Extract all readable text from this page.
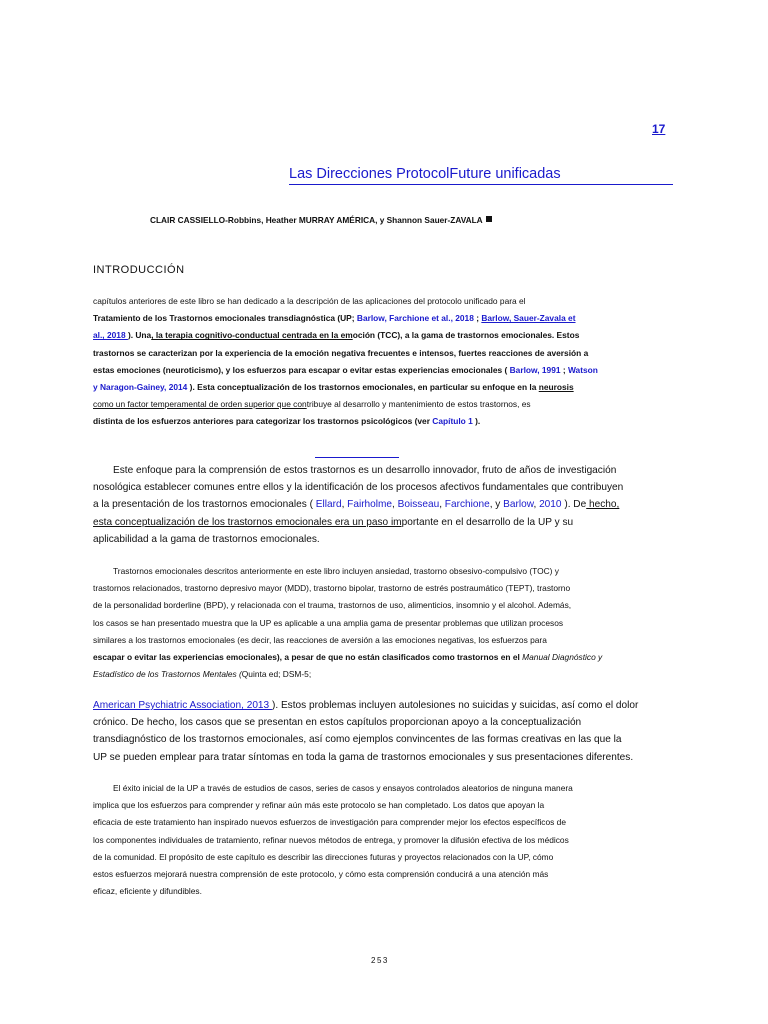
17
Las Direcciones ProtocolFuture unificadas
CLAIR CASSIELLO-Robbins, Heather MURRAY AMÉRICA, y Shannon Sauer-ZAVALA
INTRODUCCIÓN
capítulos anteriores de este libro se han dedicado a la descripción de las aplicaciones del protocolo unificado para el
Tratamiento de los Trastornos emocionales transdiagnóstica (UP; Barlow, Farchione et al., 2018 ; Barlow, Sauer-Zavala et
al., 2018 ). Una, la terapia cognitivo-conductual centrada en la emoción (TCC), a la gama de trastornos emocionales. Estos
trastornos se caracterizan por la experiencia de la emoción negativa frecuentes e intensos, fuertes reacciones de aversión a
estas emociones (neuroticismo), y los esfuerzos para escapar o evitar estas experiencias emocionales ( Barlow, 1991 ; Watson
y Naragon-Gainey, 2014 ). Esta conceptualización de los trastornos emocionales, en particular su enfoque en la neurosis
como un factor temperamental de orden superior que contribuye al desarrollo y mantenimiento de estos trastornos, es
distinta de los esfuerzos anteriores para categorizar los trastornos psicológicos (ver Capítulo 1 ).
Este enfoque para la comprensión de estos trastornos es un desarrollo innovador, fruto de años de investigación
nosológica establecer comunes entre ellos y la identificación de los procesos afectivos fundamentales que contribuyen
a la presentación de los trastornos emocionales ( Ellard, Fairholme, Boisseau, Farchione, y Barlow, 2010 ). De hecho,
esta conceptualización de los trastornos emocionales era un paso importante en el desarrollo de la UP y su
aplicabilidad a la gama de trastornos emocionales.
Trastornos emocionales descritos anteriormente en este libro incluyen ansiedad, trastorno obsesivo-compulsivo (TOC) y
trastornos relacionados, trastorno depresivo mayor (MDD), trastorno bipolar, trastorno de estrés postraumático (TEPT), trastorno
de la personalidad borderline (BPD), y relacionada con el trauma, trastornos de uso, alimenticios, insomnio y el alcohol. Además,
los casos se han presentado muestra que la UP es aplicable a una amplia gama de presentar problemas que utilizan procesos
similares a los trastornos emocionales (es decir, las reacciones de aversión a las emociones negativas, los esfuerzos para
escapar o evitar las experiencias emocionales), a pesar de que no están clasificados como trastornos en el Manual Diagnóstico y
Estadístico de los Trastornos Mentales (Quinta ed; DSM-5;
American Psychiatric Association, 2013 ). Estos problemas incluyen autolesiones no suicidas y suicidas, así como el dolor
crónico. De hecho, los casos que se presentan en estos capítulos proporcionan apoyo a la conceptualización
transdiagnóstico de los trastornos emocionales, así como ejemplos convincentes de las formas creativas en las que la
UP se pueden emplear para tratar síntomas en toda la gama de trastornos emocionales y sus presentaciones diferentes.
El éxito inicial de la UP a través de estudios de casos, series de casos y ensayos controlados aleatorios de ninguna manera
implica que los esfuerzos para comprender y refinar aún más este protocolo se han completado. Los datos que apoyan la
eficacia de este tratamiento han inspirado nuevos esfuerzos de investigación para comprender mejor los efectos específicos de
los componentes individuales de tratamiento, refinar nuevos métodos de entrega, y promover la difusión efectiva de los médicos
de la comunidad. El propósito de este capítulo es describir las direcciones futuras y proyectos relacionados con la UP, cómo
estos esfuerzos mejorará nuestra comprensión de este protocolo, y cómo esta comprensión conducirá a una atención más
eficaz, eficiente y difundibles.
253
